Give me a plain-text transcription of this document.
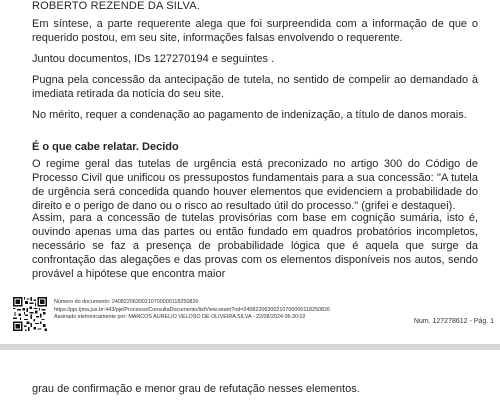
ROBERTO REZENDE DA SILVA.

Em síntese, a parte requerente alega que foi surpreendida com a informação de que o requerido postou, em seu site, informações falsas envolvendo o requerente.

Juntou documentos, IDs 127270194 e seguintes .

Pugna pela concessão da antecipação de tutela, no sentido de compelir ao demandado à imediata retirada da notícia do seu site.

No mérito, requer a condenação ao pagamento de indenização, a título de danos morais.

É o que cabe relatar. Decido

O regime geral das tutelas de urgência está preconizado no artigo 300 do Código de Processo Civil que unificou os pressupostos fundamentais para a sua concessão: "A tutela de urgência será concedida quando houver elementos que evidenciem a probabilidade do direito e o perigo de dano ou o risco ao resultado útil do processo." (grifei e destaquei).

Assim, para a concessão de tutelas provisórias com base em cognição sumária, isto é, ouvindo apenas uma das partes ou então fundado em quadros probatórios incompletos, necessário se faz a presença de probabilidade lógica que é aquela que surge da confrontação das alegações e das provas com os elementos disponíveis nos autos, sendo provável a hipótese que encontra maior

Número do documento: 24082206300210700000118250826
https://pje.tjma.jus.br:443/pje/Processo/ConsultaDocumento/listView.seam?nd=24082206300210700000118250826
Assinado eletronicamente por: MARCOS AURELIO VELOSO DE OLIVEIRA SILVA - 22/08/2024 06:30:02
Num. 127278612 - Pág. 1

grau de confirmação e menor grau de refutação nesses elementos.
